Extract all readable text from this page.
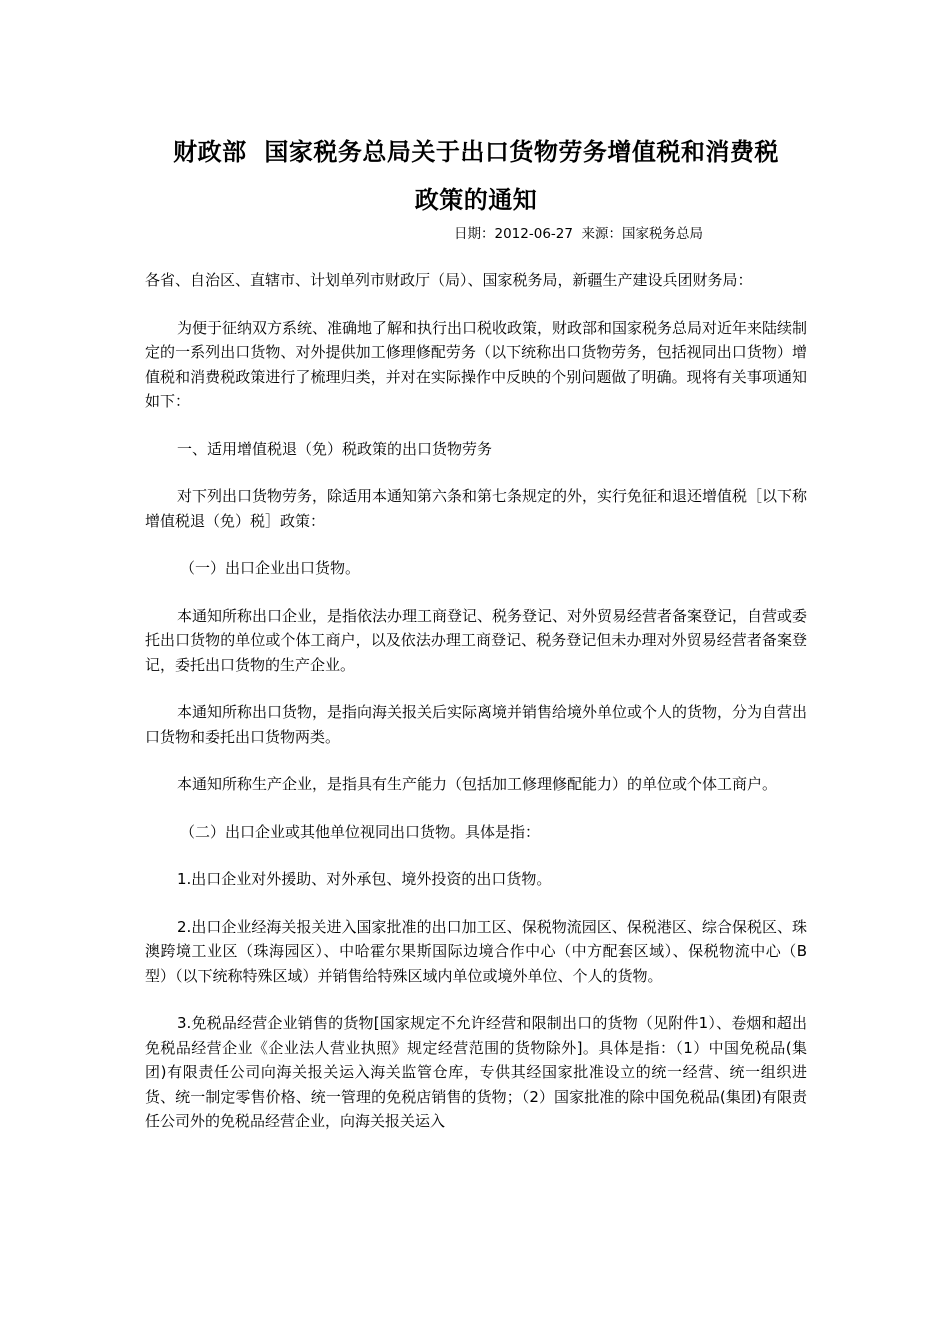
财政部  国家税务总局关于出口货物劳务增值税和消费税
政策的通知

日期：2012-06-27  来源：国家税务总局

各省、自治区、直辖市、计划单列市财政厅（局）、国家税务局，新疆生产建设兵团财务局：

为便于征纳双方系统、准确地了解和执行出口税收政策，财政部和国家税务总局对近年来陆续制定的一系列出口货物、对外提供加工修理修配劳务（以下统称出口货物劳务，包括视同出口货物）增值税和消费税政策进行了梳理归类，并对在实际操作中反映的个别问题做了明确。现将有关事项通知如下：

一、适用增值税退（免）税政策的出口货物劳务

对下列出口货物劳务，除适用本通知第六条和第七条规定的外，实行免征和退还增值税［以下称增值税退（免）税］政策：

（一）出口企业出口货物。

本通知所称出口企业，是指依法办理工商登记、税务登记、对外贸易经营者备案登记，自营或委托出口货物的单位或个体工商户，以及依法办理工商登记、税务登记但未办理对外贸易经营者备案登记，委托出口货物的生产企业。

本通知所称出口货物，是指向海关报关后实际离境并销售给境外单位或个人的货物，分为自营出口货物和委托出口货物两类。

本通知所称生产企业，是指具有生产能力（包括加工修理修配能力）的单位或个体工商户。

（二）出口企业或其他单位视同出口货物。具体是指：

1.出口企业对外援助、对外承包、境外投资的出口货物。

2.出口企业经海关报关进入国家批准的出口加工区、保税物流园区、保税港区、综合保税区、珠澳跨境工业区（珠海园区）、中哈霍尔果斯国际边境合作中心（中方配套区域）、保税物流中心（B型）（以下统称特殊区域）并销售给特殊区域内单位或境外单位、个人的货物。

3.免税品经营企业销售的货物[国家规定不允许经营和限制出口的货物（见附件1）、卷烟和超出免税品经营企业《企业法人营业执照》规定经营范围的货物除外]。具体是指：（1）中国免税品(集团)有限责任公司向海关报关运入海关监管仓库，专供其经国家批准设立的统一经营、统一组织进货、统一制定零售价格、统一管理的免税店销售的货物；（2）国家批准的除中国免税品(集团)有限责任公司外的免税品经营企业，向海关报关运入
